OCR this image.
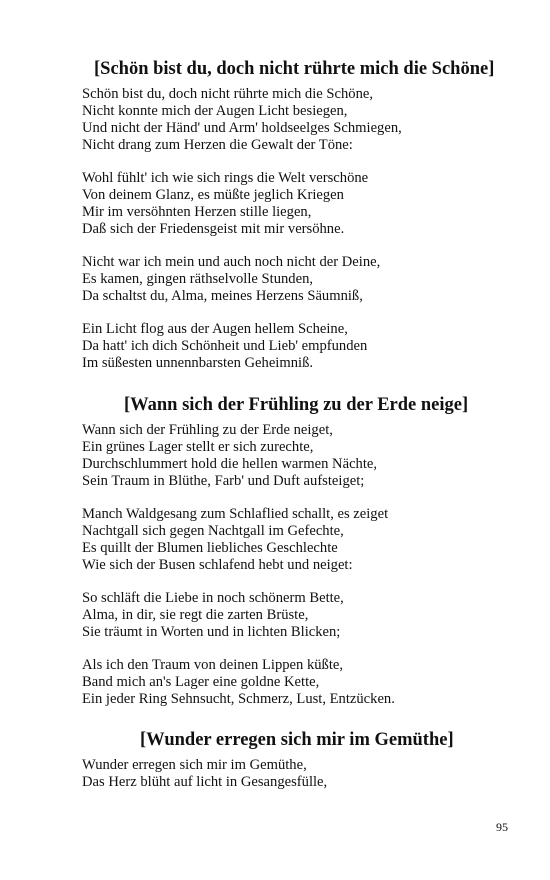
[Schön bist du, doch nicht rührte mich die Schöne]
Schön bist du, doch nicht rührte mich die Schöne,
Nicht konnte mich der Augen Licht besiegen,
Und nicht der Händ' und Arm' holdseelges Schmiegen,
Nicht drang zum Herzen die Gewalt der Töne:
Wohl fühlt' ich wie sich rings die Welt verschöne
Von deinem Glanz, es müßte jeglich Kriegen
Mir im versöhnten Herzen stille liegen,
Daß sich der Friedensgeist mit mir versöhne.
Nicht war ich mein und auch noch nicht der Deine,
Es kamen, gingen räthselvolle Stunden,
Da schaltst du, Alma, meines Herzens Säumniß,
Ein Licht flog aus der Augen hellem Scheine,
Da hatt' ich dich Schönheit und Lieb' empfunden
Im süßesten unnennbarsten Geheimniß.
[Wann sich der Frühling zu der Erde neige]
Wann sich der Frühling zu der Erde neiget,
Ein grünes Lager stellt er sich zurechte,
Durchschlummert hold die hellen warmen Nächte,
Sein Traum in Blüthe, Farb' und Duft aufsteiget;
Manch Waldgesang zum Schlaflied schallt, es zeiget
Nachtgall sich gegen Nachtgall im Gefechte,
Es quillt der Blumen liebliches Geschlechte
Wie sich der Busen schlafend hebt und neiget:
So schläft die Liebe in noch schönerm Bette,
Alma, in dir, sie regt die zarten Brüste,
Sie träumt in Worten und in lichten Blicken;
Als ich den Traum von deinen Lippen küßte,
Band mich an's Lager eine goldne Kette,
Ein jeder Ring Sehnsucht, Schmerz, Lust, Entzücken.
[Wunder erregen sich mir im Gemüthe]
Wunder erregen sich mir im Gemüthe,
Das Herz blüht auf licht in Gesangesfülle,
95
